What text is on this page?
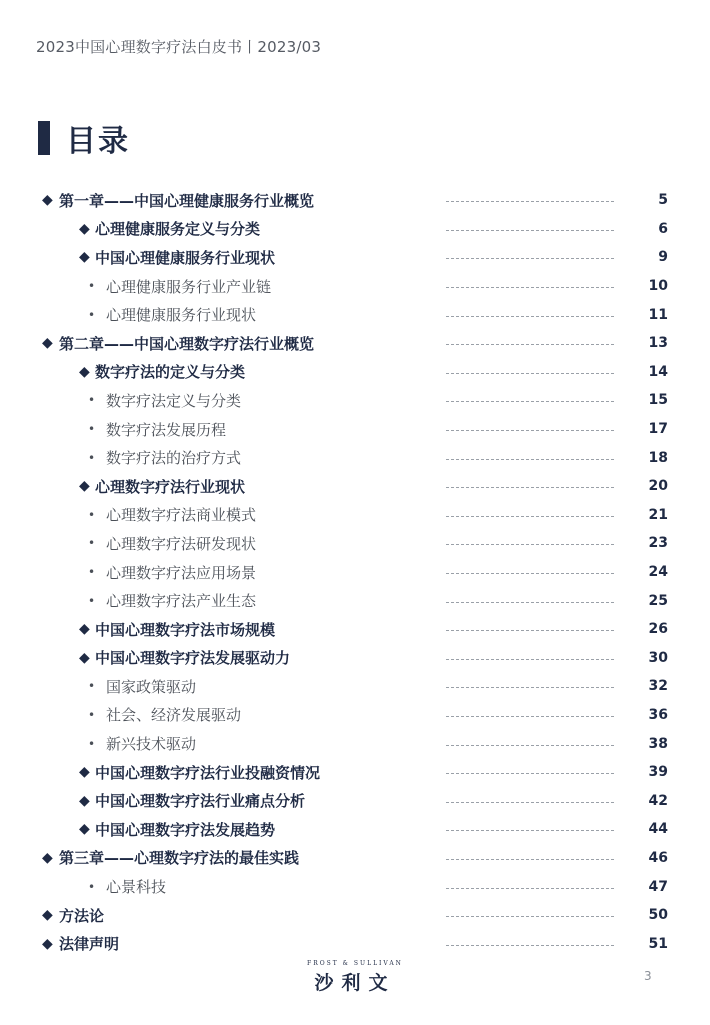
2023中国心理数字疗法白皮书丨2023/03
目录
◆ 第一章——中国心理健康服务行业概览	5
◆ 心理健康服务定义与分类	6
◆ 中国心理健康服务行业现状	9
• 心理健康服务行业产业链	10
• 心理健康服务行业现状	11
◆ 第二章——中国心理数字疗法行业概览	13
◆ 数字疗法的定义与分类	14
• 数字疗法定义与分类	15
• 数字疗法发展历程	17
• 数字疗法的治疗方式	18
◆ 心理数字疗法行业现状	20
• 心理数字疗法商业模式	21
• 心理数字疗法研发现状	23
• 心理数字疗法应用场景	24
• 心理数字疗法产业生态	25
◆ 中国心理数字疗法市场规模	26
◆ 中国心理数字疗法发展驱动力	30
• 国家政策驱动	32
• 社会、经济发展驱动	36
• 新兴技术驱动	38
◆ 中国心理数字疗法行业投融资情况	39
◆ 中国心理数字疗法行业痛点分析	42
◆ 中国心理数字疗法发展趋势	44
◆ 第三章——心理数字疗法的最佳实践	46
• 心景科技	47
◆ 方法论	50
◆ 法律声明	51
FROST & SULLIVAN
沙利文	3
